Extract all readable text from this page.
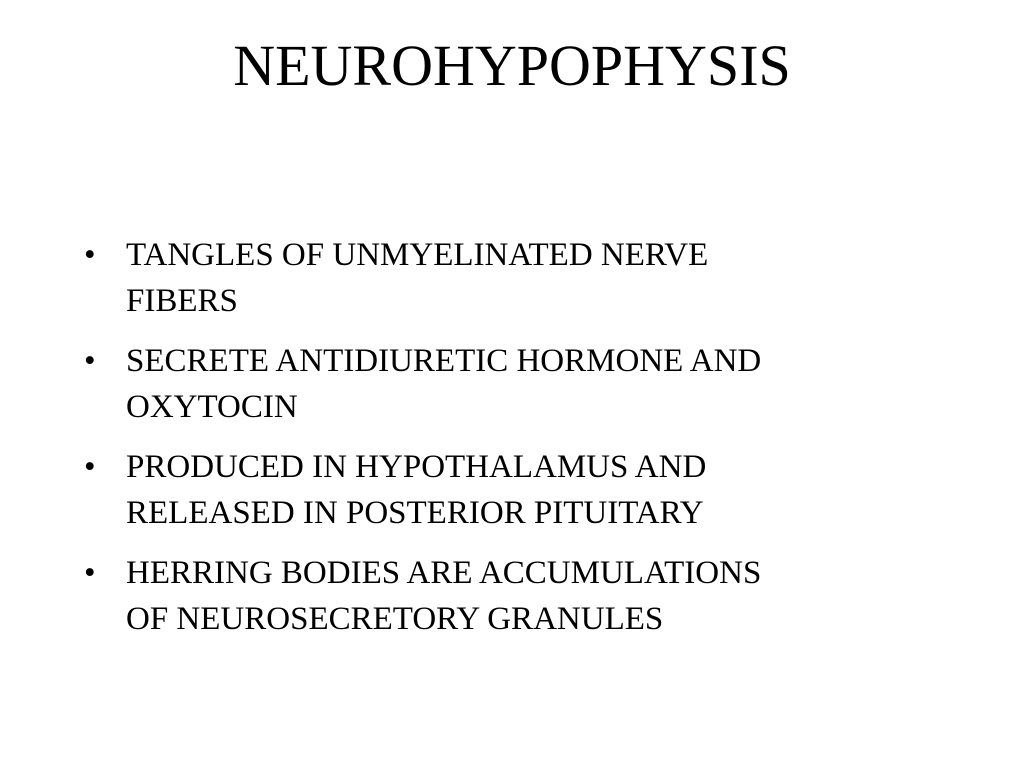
NEUROHYPOPHYSIS
• TANGLES OF UNMYELINATED NERVE
FIBERS
• SECRETE ANTIDIURETIC HORMONE AND
OXYTOCIN
• PRODUCED IN HYPOTHALAMUS AND
RELEASED IN POSTERIOR PITUITARY
• HERRING BODIES ARE ACCUMULATIONS
OF NEUROSECRETORY GRANULES
